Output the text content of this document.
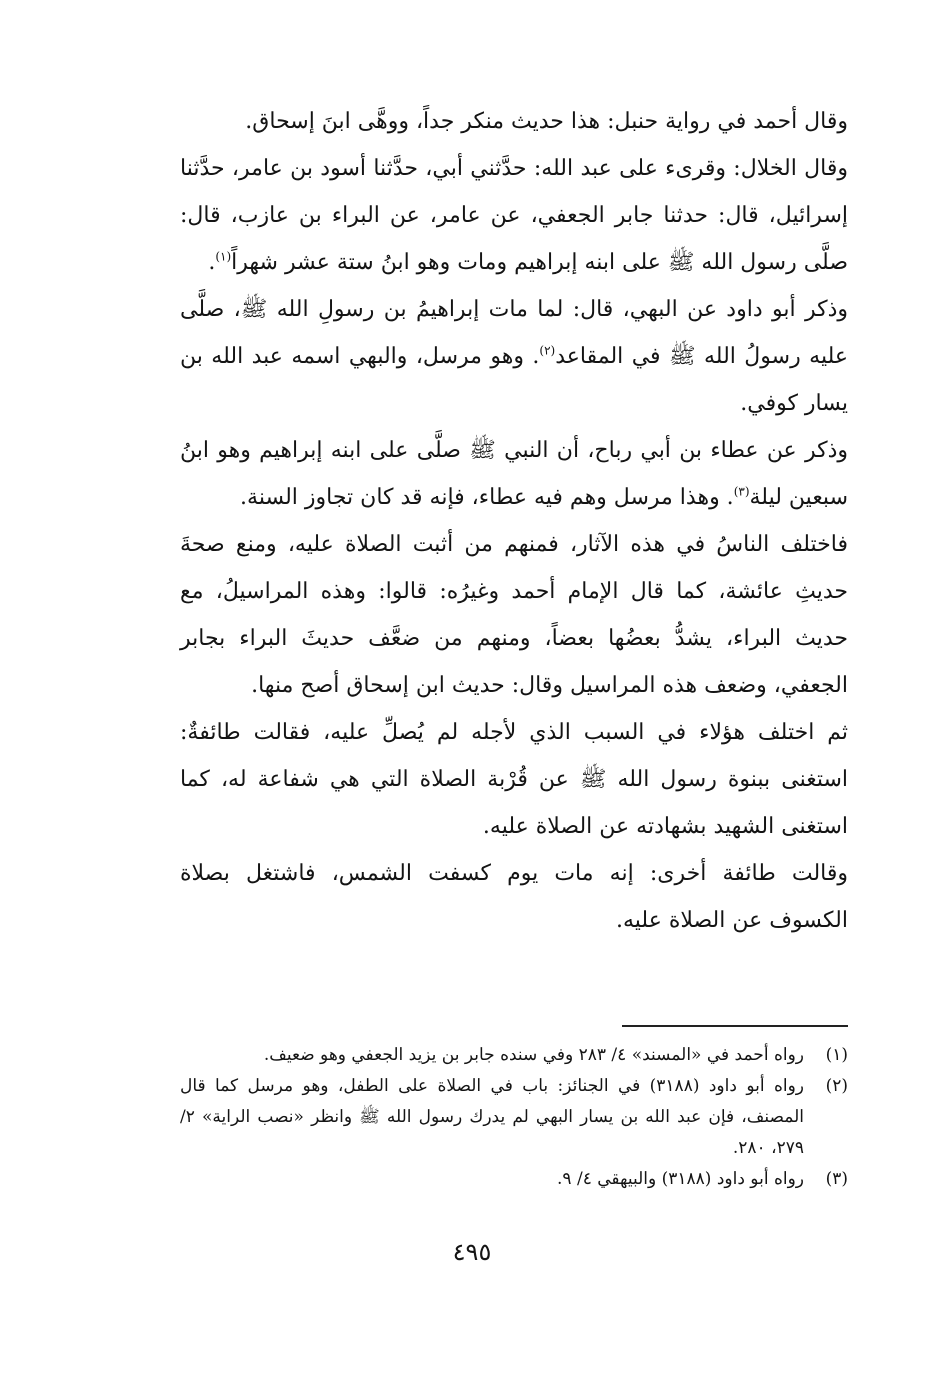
وقال أحمد في رواية حنبل: هذا حديث منكر جداً، ووهَّى ابنَ إسحاق.

وقال الخلال: وقرىء على عبد الله: حدَّثني أبي، حدَّثنا أسود بن عامر، حدَّثنا إسرائيل، قال: حدثنا جابر الجعفي، عن عامر، عن البراء بن عازب، قال: صلَّى رسول الله ﷺ على ابنه إبراهيم ومات وهو ابنُ ستة عشر شهراً$^{(١)}$.

وذكر أبو داود عن البهي، قال: لما مات إبراهيمُ بن رسولِ الله ﷺ، صلَّى عليه رسولُ الله ﷺ في المقاعد$^{(٢)}$. وهو مرسل، والبهي اسمه عبد الله بن يسار كوفي.

وذكر عن عطاء بن أبي رباح، أن النبي ﷺ صلَّى على ابنه إبراهيم وهو ابنُ سبعين ليلة$^{(٣)}$. وهذا مرسل وهم فيه عطاء، فإنه قد كان تجاوز السنة.

فاختلف الناسُ في هذه الآثار، فمنهم من أثبت الصلاة عليه، ومنع صحةَ حديثِ عائشة، كما قال الإمام أحمد وغيرُه: قالوا: وهذه المراسيلُ، مع حديث البراء، يشدُّ بعضُها بعضاً، ومنهم من ضعَّف حديثَ البراء بجابر الجعفي، وضعف هذه المراسيل وقال: حديث ابن إسحاق أصح منها.

ثم اختلف هؤلاء في السبب الذي لأجله لم يُصلِّ عليه، فقالت طائفةٌ: استغنى ببنوة رسول الله ﷺ عن قُرْبة الصلاة التي هي شفاعة له، كما استغنى الشهيد بشهادته عن الصلاة عليه.

وقالت طائفة أخرى: إنه مات يوم كسفت الشمس، فاشتغل بصلاة الكسوف عن الصلاة عليه.

(١)
رواه أحمد في «المسند» ٤/ ٢٨٣ وفي سنده جابر بن يزيد الجعفي وهو ضعيف.
(٢)
رواه أبو داود (٣١٨٨) في الجنائز: باب في الصلاة على الطفل، وهو مرسل كما قال المصنف، فإن عبد الله بن يسار البهي لم يدرك رسول الله ﷺ وانظر «نصب الراية» ٢/ ٢٧٩، ٢٨٠.
(٣)
رواه أبو داود (٣١٨٨) والبيهقي ٤/ ٩.
٤٩٥
